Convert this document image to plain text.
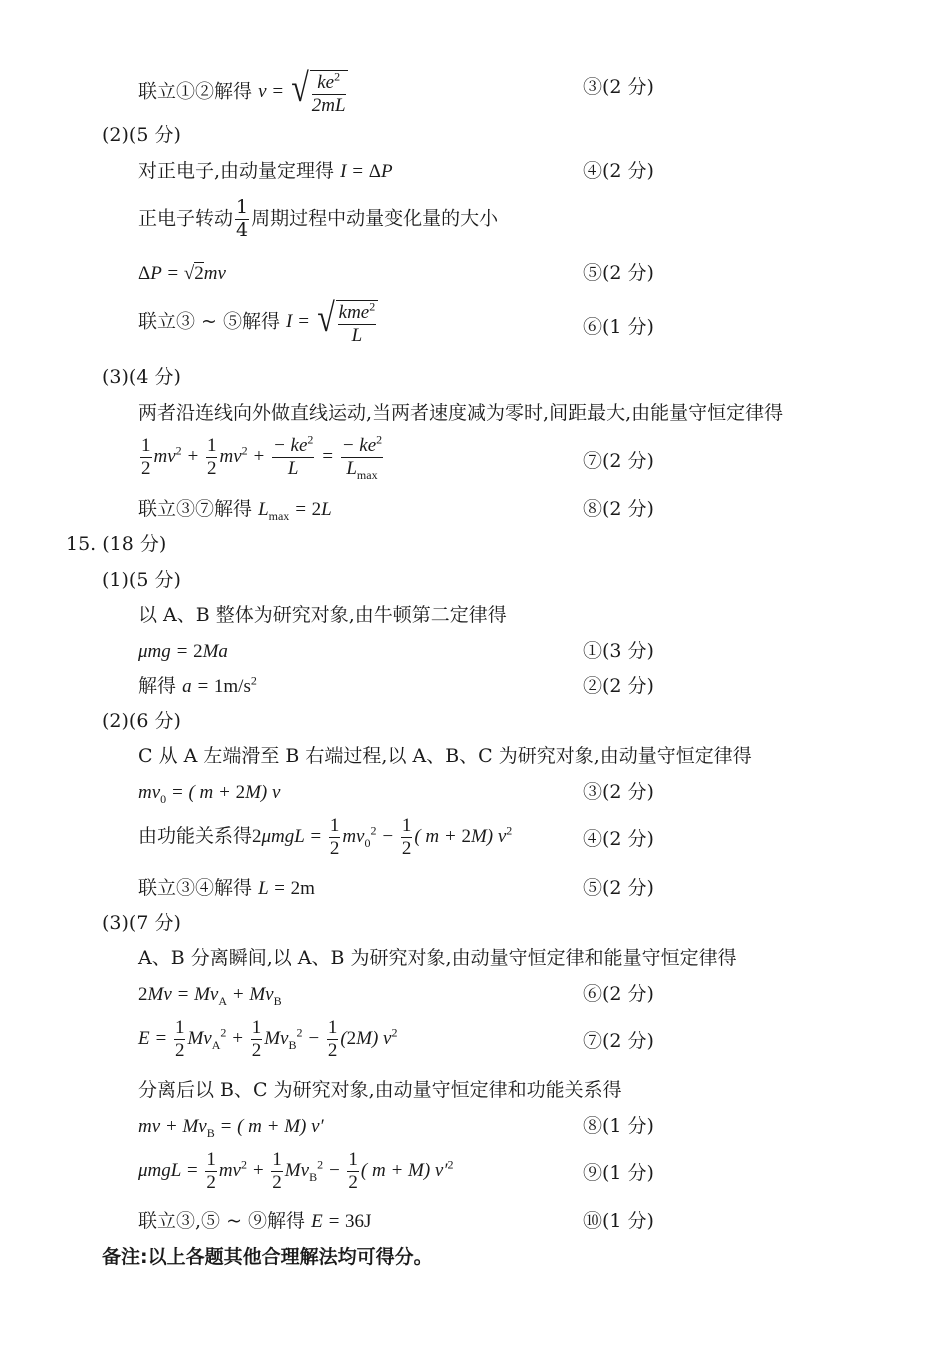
联立①②解得 v = √ $\frac{ke^2}{2mL}$	③(2 分)
(2)(5 分)
对正电子,由动量定理得 I = ΔP	④(2 分)
正电子转动 $\frac{1}{4}$ 周期过程中动量变化量的大小
ΔP = √2mv	⑤(2 分)
联立③ ~ ⑤解得 I = √ $\frac{kme^2}{L}$	⑥(1 分)
(3)(4 分)
两者沿连线向外做直线运动,当两者速度减为零时,间距最大,由能量守恒定律得
$\frac{1}{2} mv^2 + \frac{1}{2} mv^2 + \frac{- ke^2}{L} = \frac{- ke^2}{L_{max}}$	⑦(2 分)
联立③⑦解得 $L_{max} = 2L$	⑧(2 分)
15. (18 分)
(1)(5 分)
以 A、B 整体为研究对象,由牛顿第二定律得
μmg = 2Ma	①(3 分)
解得 $a = 1m/s^2$	②(2 分)
(2)(6 分)
C 从 A 左端滑至 B 右端过程,以 A、B、C 为研究对象,由动量守恒定律得
$mv_0$ = ( m + 2M) v	③(2 分)
由功能关系得$2\mu mgL = \frac{1}{2} mv_0^2 - \frac{1}{2}$ ( m + 2M) $v^2$	④(2 分)
联立③④解得 L = 2m	⑤(2 分)
(3)(7 分)
A、B 分离瞬间,以 A、B 为研究对象,由动量守恒定律和能量守恒定律得
$2Mv = Mv_A + Mv_B$	⑥(2 分)
$E = \frac{1}{2} Mv_A^2 + \frac{1}{2} Mv_B^2 - \frac{1}{2} (2M)$ $v^2$	⑦(2 分)
分离后以 B、C 为研究对象,由动量守恒定律和功能关系得
mv + $Mv_B$ = ( m + M) v′	⑧(1 分)
$\mu mgL = \frac{1}{2} mv^2 + \frac{1}{2} Mv_B^2 - \frac{1}{2}$ ( m + M) $v'^2$	⑨(1 分)
联立③,⑤ ~ ⑨解得 E = 36J	⑩(1 分)
备注:以上各题其他合理解法均可得分。
